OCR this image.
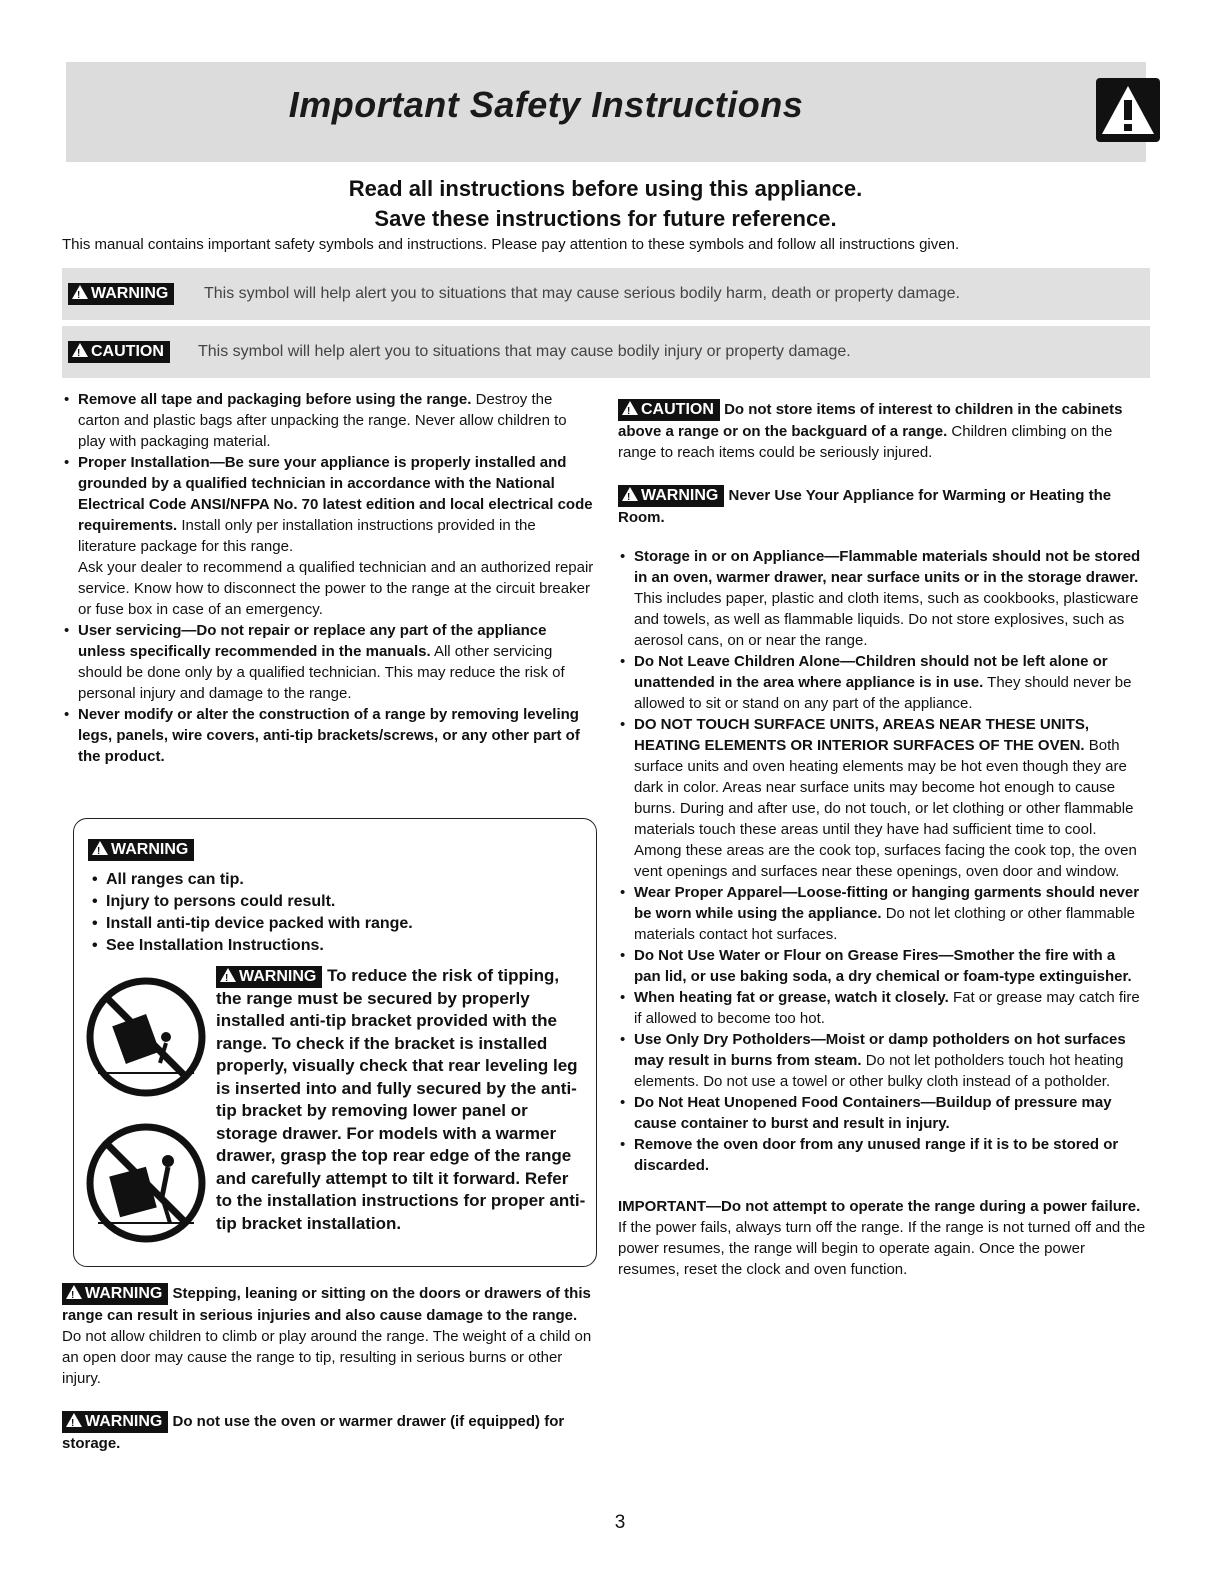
Important Safety Instructions
Read all instructions before using this appliance.
Save these instructions for future reference.
This manual contains important safety symbols and instructions. Please pay attention to these symbols and follow all instructions given.
!WARNING	This symbol will help alert you to situations that may cause serious bodily harm, death or property damage.
!CAUTION	This symbol will help alert you to situations that may cause bodily injury or property damage.
• Remove all tape and packaging before using the range. Destroy the carton and plastic bags after unpacking the range. Never allow children to play with packaging material.
• Proper Installation—Be sure your appliance is properly installed and grounded by a qualified technician in accordance with the National Electrical Code ANSI/NFPA No. 70 latest edition and local electrical code requirements. Install only per installation instructions provided in the literature package for this range.
Ask your dealer to recommend a qualified technician and an authorized repair service. Know how to disconnect the power to the range at the circuit breaker or fuse box in case of an emergency.
• User servicing—Do not repair or replace any part of the appliance unless specifically recommended in the manuals. All other servicing should be done only by a qualified technician. This may reduce the risk of personal injury and damage to the range.
• Never modify or alter the construction of a range by removing leveling legs, panels, wire covers, anti-tip brackets/screws, or any other part of the product.
!WARNING
• All ranges can tip.
• Injury to persons could result.
• Install anti-tip device packed with range.
• See Installation Instructions.
!WARNING To reduce the risk of tipping, the range must be secured by properly installed anti-tip bracket provided with the range. To check if the bracket is installed properly, visually check that rear leveling leg is inserted into and fully secured by the anti-tip bracket by removing lower panel or storage drawer. For models with a warmer drawer, grasp the top rear edge of the range and carefully attempt to tilt it forward. Refer to the installation instructions for proper anti-tip bracket installation.
!WARNING Stepping, leaning or sitting on the doors or drawers of this range can result in serious injuries and also cause damage to the range. Do not allow children to climb or play around the range. The weight of a child on an open door may cause the range to tip, resulting in serious burns or other injury.
!WARNING Do not use the oven or warmer drawer (if equipped) for storage.
!CAUTION Do not store items of interest to children in the cabinets above a range or on the backguard of a range. Children climbing on the range to reach items could be seriously injured.
!WARNING Never Use Your Appliance for Warming or Heating the Room.
• Storage in or on Appliance—Flammable materials should not be stored in an oven, warmer drawer, near surface units or in the storage drawer. This includes paper, plastic and cloth items, such as cookbooks, plasticware and towels, as well as flammable liquids. Do not store explosives, such as aerosol cans, on or near the range.
• Do Not Leave Children Alone—Children should not be left alone or unattended in the area where appliance is in use. They should never be allowed to sit or stand on any part of the appliance.
• DO NOT TOUCH SURFACE UNITS, AREAS NEAR THESE UNITS, HEATING ELEMENTS OR INTERIOR SURFACES OF THE OVEN. Both surface units and oven heating elements may be hot even though they are dark in color. Areas near surface units may become hot enough to cause burns. During and after use, do not touch, or let clothing or other flammable materials touch these areas until they have had sufficient time to cool. Among these areas are the cook top, surfaces facing the cook top, the oven vent openings and surfaces near these openings, oven door and window.
• Wear Proper Apparel—Loose-fitting or hanging garments should never be worn while using the appliance. Do not let clothing or other flammable materials contact hot surfaces.
• Do Not Use Water or Flour on Grease Fires—Smother the fire with a pan lid, or use baking soda, a dry chemical or foam-type extinguisher.
• When heating fat or grease, watch it closely. Fat or grease may catch fire if allowed to become too hot.
• Use Only Dry Potholders—Moist or damp potholders on hot surfaces may result in burns from steam. Do not let potholders touch hot heating elements. Do not use a towel or other bulky cloth instead of a potholder.
• Do Not Heat Unopened Food Containers—Buildup of pressure may cause container to burst and result in injury.
• Remove the oven door from any unused range if it is to be stored or discarded.
IMPORTANT—Do not attempt to operate the range during a power failure. If the power fails, always turn off the range. If the range is not turned off and the power resumes, the range will begin to operate again. Once the power resumes, reset the clock and oven function.
3
